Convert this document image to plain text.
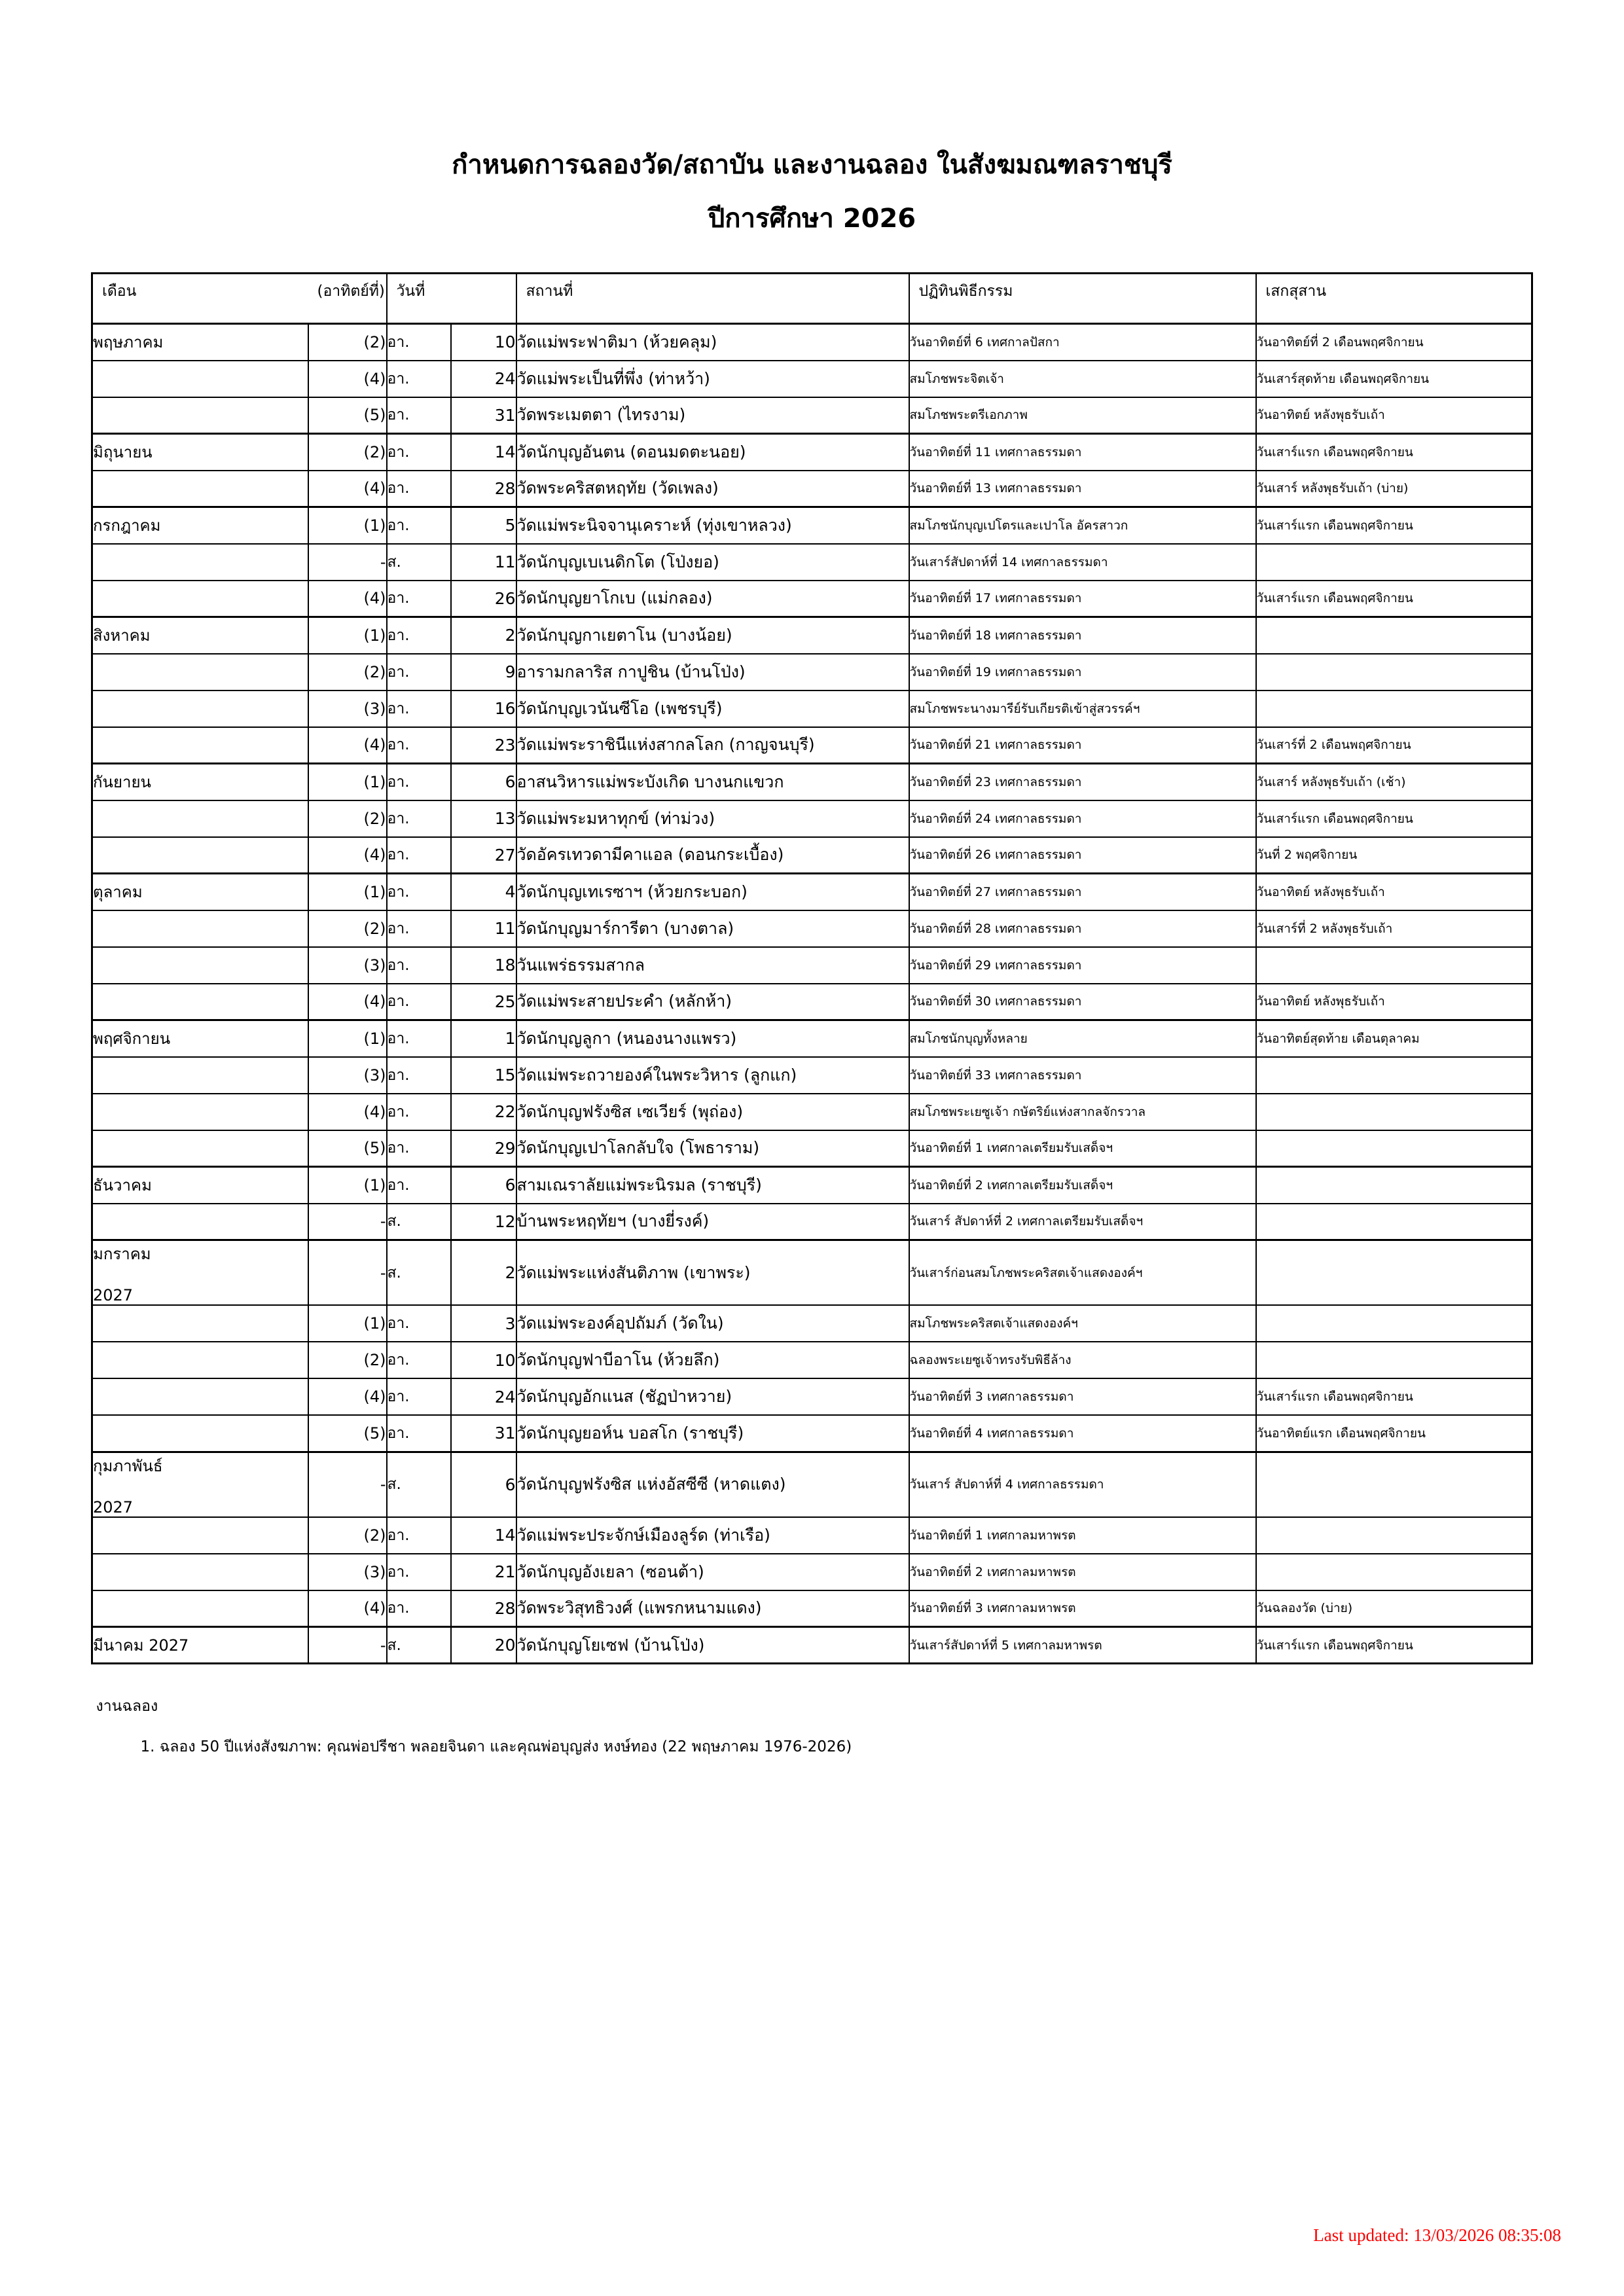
กำหนดการฉลองวัด/สถาบัน และงานฉลอง ในสังฆมณฑลราชบุรี
ปีการศึกษา 2026
เดือน	(อาทิตย์ที่)	วันที่		สถานที่	ปฏิทินพิธีกรรม	เสกสุสาน
พฤษภาคม	(2)	อา.	10	วัดแม่พระฟาติมา (ห้วยคลุม)	วันอาทิตย์ที่ 6 เทศกาลปัสกา	วันอาทิตย์ที่ 2 เดือนพฤศจิกายน
	(4)	อา.	24	วัดแม่พระเป็นที่พึ่ง (ท่าหว้า)	สมโภชพระจิตเจ้า	วันเสาร์สุดท้าย เดือนพฤศจิกายน
	(5)	อา.	31	วัดพระเมตตา (ไทรงาม)	สมโภชพระตรีเอกภาพ	วันอาทิตย์ หลังพุธรับเถ้า
มิถุนายน	(2)	อา.	14	วัดนักบุญอันตน (ดอนมดตะนอย)	วันอาทิตย์ที่ 11 เทศกาลธรรมดา	วันเสาร์แรก เดือนพฤศจิกายน
	(4)	อา.	28	วัดพระคริสตหฤทัย (วัดเพลง)	วันอาทิตย์ที่ 13 เทศกาลธรรมดา	วันเสาร์ หลังพุธรับเถ้า (บ่าย)
กรกฎาคม	(1)	อา.	5	วัดแม่พระนิจจานุเคราะห์ (ทุ่งเขาหลวง)	สมโภชนักบุญเปโตรและเปาโล อัครสาวก	วันเสาร์แรก เดือนพฤศจิกายน
	-	ส.	11	วัดนักบุญเบเนดิกโต (โป่งยอ)	วันเสาร์สัปดาห์ที่ 14 เทศกาลธรรมดา	
	(4)	อา.	26	วัดนักบุญยาโกเบ (แม่กลอง)	วันอาทิตย์ที่ 17 เทศกาลธรรมดา	วันเสาร์แรก เดือนพฤศจิกายน
สิงหาคม	(1)	อา.	2	วัดนักบุญกาเยตาโน (บางน้อย)	วันอาทิตย์ที่ 18 เทศกาลธรรมดา	
	(2)	อา.	9	อารามกลาริส กาปูชิน (บ้านโป่ง)	วันอาทิตย์ที่ 19 เทศกาลธรรมดา	
	(3)	อา.	16	วัดนักบุญเวนันซีโอ (เพชรบุรี)	สมโภชพระนางมารีย์รับเกียรติเข้าสู่สวรรค์ฯ	
	(4)	อา.	23	วัดแม่พระราชินีแห่งสากลโลก (กาญจนบุรี)	วันอาทิตย์ที่ 21 เทศกาลธรรมดา	วันเสาร์ที่ 2 เดือนพฤศจิกายน
กันยายน	(1)	อา.	6	อาสนวิหารแม่พระบังเกิด บางนกแขวก	วันอาทิตย์ที่ 23 เทศกาลธรรมดา	วันเสาร์ หลังพุธรับเถ้า (เช้า)
	(2)	อา.	13	วัดแม่พระมหาทุกข์ (ท่าม่วง)	วันอาทิตย์ที่ 24 เทศกาลธรรมดา	วันเสาร์แรก เดือนพฤศจิกายน
	(4)	อา.	27	วัดอัครเทวดามีคาแอล (ดอนกระเบื้อง)	วันอาทิตย์ที่ 26 เทศกาลธรรมดา	วันที่ 2 พฤศจิกายน
ตุลาคม	(1)	อา.	4	วัดนักบุญเทเรซาฯ (ห้วยกระบอก)	วันอาทิตย์ที่ 27 เทศกาลธรรมดา	วันอาทิตย์ หลังพุธรับเถ้า
	(2)	อา.	11	วัดนักบุญมาร์การีตา (บางตาล)	วันอาทิตย์ที่ 28 เทศกาลธรรมดา	วันเสาร์ที่ 2 หลังพุธรับเถ้า
	(3)	อา.	18	วันแพร่ธรรมสากล	วันอาทิตย์ที่ 29 เทศกาลธรรมดา	
	(4)	อา.	25	วัดแม่พระสายประคำ (หลักห้า)	วันอาทิตย์ที่ 30 เทศกาลธรรมดา	วันอาทิตย์ หลังพุธรับเถ้า
พฤศจิกายน	(1)	อา.	1	วัดนักบุญลูกา (หนองนางแพรว)	สมโภชนักบุญทั้งหลาย	วันอาทิตย์สุดท้าย เดือนตุลาคม
	(3)	อา.	15	วัดแม่พระถวายองค์ในพระวิหาร (ลูกแก)	วันอาทิตย์ที่ 33 เทศกาลธรรมดา	
	(4)	อา.	22	วัดนักบุญฟรังซิส เซเวียร์ (พุถ่อง)	สมโภชพระเยซูเจ้า กษัตริย์แห่งสากลจักรวาล	
	(5)	อา.	29	วัดนักบุญเปาโลกลับใจ (โพธาราม)	วันอาทิตย์ที่ 1 เทศกาลเตรียมรับเสด็จฯ	
ธันวาคม	(1)	อา.	6	สามเณราลัยแม่พระนิรมล (ราชบุรี)	วันอาทิตย์ที่ 2 เทศกาลเตรียมรับเสด็จฯ	
	-	ส.	12	บ้านพระหฤทัยฯ (บางยี่รงค์)	วันเสาร์ สัปดาห์ที่ 2 เทศกาลเตรียมรับเสด็จฯ	
มกราคม
2027	-	ส.	2	วัดแม่พระแห่งสันติภาพ (เขาพระ)	วันเสาร์ก่อนสมโภชพระคริสตเจ้าแสดงองค์ฯ	
	(1)	อา.	3	วัดแม่พระองค์อุปถัมภ์ (วัดใน)	สมโภชพระคริสตเจ้าแสดงองค์ฯ	
	(2)	อา.	10	วัดนักบุญฟาบีอาโน (ห้วยลึก)	ฉลองพระเยซูเจ้าทรงรับพิธีล้าง	
	(4)	อา.	24	วัดนักบุญอักแนส (ชัฏป่าหวาย)	วันอาทิตย์ที่ 3 เทศกาลธรรมดา	วันเสาร์แรก เดือนพฤศจิกายน
	(5)	อา.	31	วัดนักบุญยอห์น บอสโก (ราชบุรี)	วันอาทิตย์ที่ 4 เทศกาลธรรมดา	วันอาทิตย์แรก เดือนพฤศจิกายน
กุมภาพันธ์
2027	-	ส.	6	วัดนักบุญฟรังซิส แห่งอัสซีซี (หาดแตง)	วันเสาร์ สัปดาห์ที่ 4 เทศกาลธรรมดา	
	(2)	อา.	14	วัดแม่พระประจักษ์เมืองลูร์ด (ท่าเรือ)	วันอาทิตย์ที่ 1 เทศกาลมหาพรต	
	(3)	อา.	21	วัดนักบุญอังเยลา (ซอนต้า)	วันอาทิตย์ที่ 2 เทศกาลมหาพรต	
	(4)	อา.	28	วัดพระวิสุทธิวงศ์ (แพรกหนามแดง)	วันอาทิตย์ที่ 3 เทศกาลมหาพรต	วันฉลองวัด (บ่าย)
มีนาคม 2027	-	ส.	20	วัดนักบุญโยเซฟ (บ้านโป่ง)	วันเสาร์สัปดาห์ที่ 5 เทศกาลมหาพรต	วันเสาร์แรก เดือนพฤศจิกายน
งานฉลอง
1. ฉลอง 50 ปีแห่งสังฆภาพ: คุณพ่อปรีชา พลอยจินดา และคุณพ่อบุญส่ง หงษ์ทอง (22 พฤษภาคม 1976-2026)
Last updated: 13/03/2026 08:35:08
